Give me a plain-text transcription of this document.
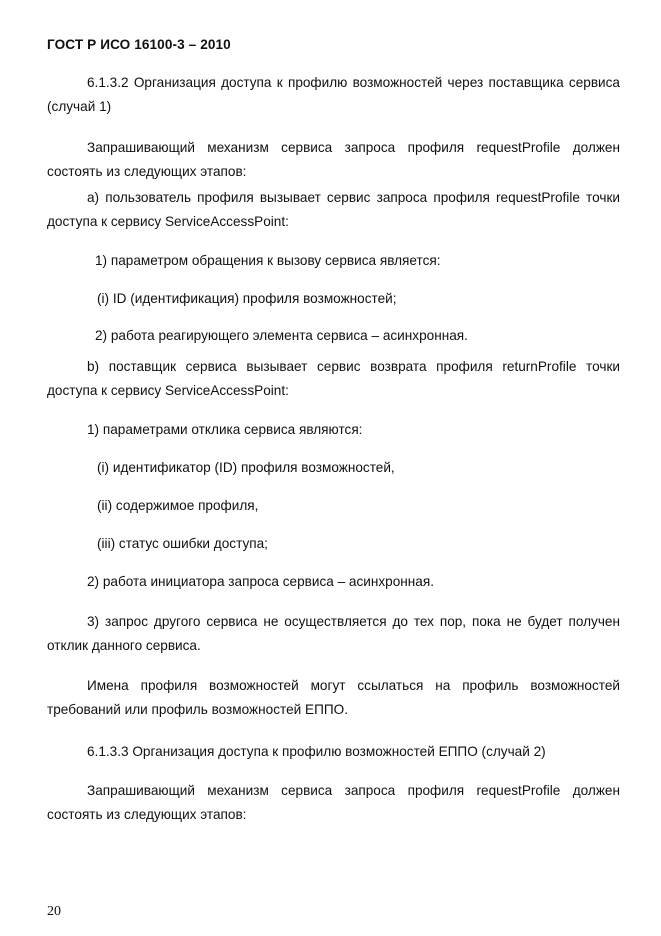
ГОСТ Р ИСО 16100-3 – 2010

6.1.3.2 Организация доступа к профилю возможностей через поставщика сервиса (случай 1)

Запрашивающий механизм сервиса запроса профиля requestProfile должен состоять из следующих этапов:

а) пользователь профиля вызывает сервис запроса профиля requestProfile точки доступа к сервису ServiceAccessPoint:

1) параметром обращения к вызову сервиса является:

(i) ID (идентификация) профиля возможностей;

2) работа реагирующего элемента сервиса – асинхронная.

b) поставщик сервиса вызывает сервис возврата профиля returnProfile точки доступа к сервису ServiceAccessPoint:

1) параметрами отклика сервиса являются:

(i) идентификатор (ID) профиля возможностей,

(ii) содержимое профиля,

(iii) статус ошибки доступа;

2) работа инициатора запроса сервиса – асинхронная.

3) запрос другого сервиса не осуществляется до тех пор, пока не будет получен отклик данного сервиса.

Имена профиля возможностей могут ссылаться на профиль возможностей требований или профиль возможностей ЕППО.

6.1.3.3 Организация доступа к профилю возможностей ЕППО (случай 2)

Запрашивающий механизм сервиса запроса профиля requestProfile должен состоять из следующих этапов:

20
